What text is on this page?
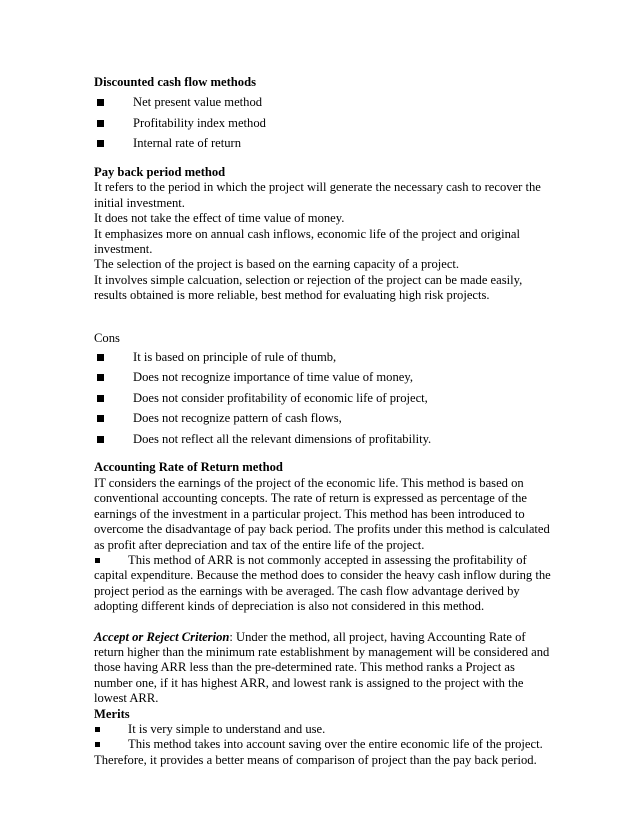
Discounted cash flow methods

Net present value method
Profitability index method
Internal rate of return

Pay back period method

It refers to the period in which the project will generate the necessary cash to recover the initial investment.

It does not take the effect of time value of money.

It emphasizes more on annual cash inflows, economic life of the project and original investment.

The selection of the project is based on the earning capacity of a project.

It involves simple calcuation, selection or rejection of the project can be made easily, results obtained is more reliable, best method for evaluating high risk projects.

Cons

It is based on principle of rule of thumb,
Does not recognize importance of time value of money,
Does not consider profitability of economic life of project,
Does not recognize pattern of cash flows,
Does not reflect all the relevant dimensions of profitability.

Accounting Rate of Return method

IT considers the earnings of the project of the economic life. This method is based on conventional accounting concepts. The rate of return is expressed as percentage of the earnings of the investment in a particular project. This method has been introduced to overcome the disadvantage of pay back period. The profits under this method is calculated as profit after depreciation and tax of the entire life of the project.

This method of ARR is not commonly accepted in assessing the profitability of capital expenditure. Because the method does to consider the heavy cash inflow during the project period as the earnings with be averaged. The cash flow advantage derived by adopting different kinds of depreciation is also not considered in this method.

Accept or Reject Criterion: Under the method, all project, having Accounting Rate of return higher than the minimum rate establishment by management will be considered and those having ARR less than the pre-determined rate. This method ranks a Project as number one, if it has highest ARR, and lowest rank is assigned to the project with the lowest ARR.

Merits

It is very simple to understand and use.

This method takes into account saving over the entire economic life of the project. Therefore, it provides a better means of comparison of project than the pay back period.
